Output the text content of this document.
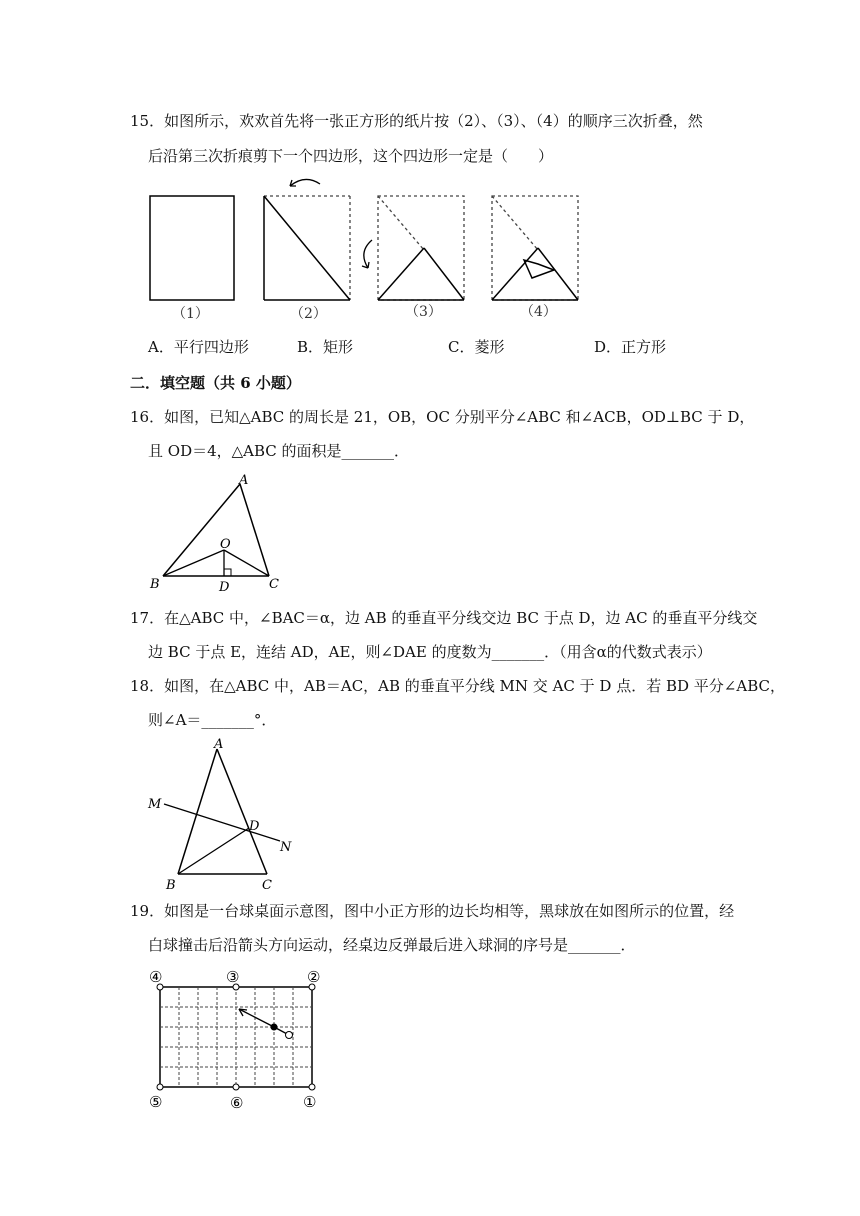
15．如图所示，欢欢首先将一张正方形的纸片按（2）、（3）、（4）的顺序三次折叠，然
后沿第三次折痕剪下一个四边形，这个四边形一定是（　　）
（1）	（2）	（3）	（4）
A．平行四边形	B．矩形	C．菱形	D．正方形
二．填空题（共 6 小题）
16．如图，已知△ABC 的周长是 21，OB，OC 分别平分∠ABC 和∠ACB，OD⊥BC 于 D，
且 OD＝4，△ABC 的面积是_______．
A
O
B	C
D
17．在△ABC 中，∠BAC＝α，边 AB 的垂直平分线交边 BC 于点 D，边 AC 的垂直平分线交
边 BC 于点 E，连结 AD，AE，则∠DAE 的度数为_______．（用含α的代数式表示）
18．如图，在△ABC 中，AB＝AC，AB 的垂直平分线 MN 交 AC 于 D 点．若 BD 平分∠ABC，
则∠A＝_______°．
A
M
D
N
B	C
19．如图是一台球桌面示意图，图中小正方形的边长均相等，黑球放在如图所示的位置，经
白球撞击后沿箭头方向运动，经桌边反弹最后进入球洞的序号是_______．
④	③	②
⑤	⑥	①
